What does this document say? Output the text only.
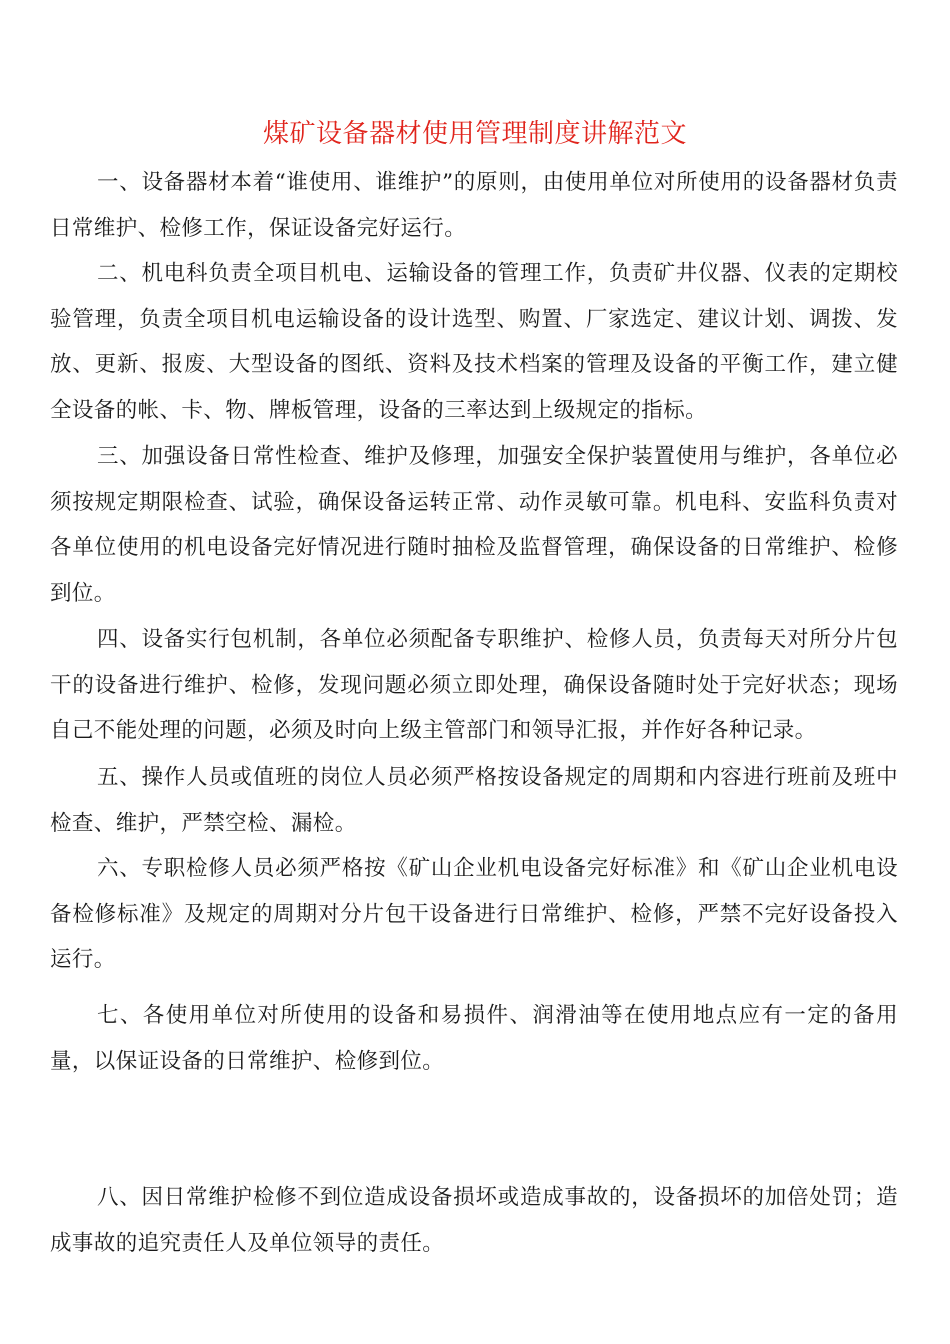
煤矿设备器材使用管理制度讲解范文

一、设备器材本着“谁使用、谁维护”的原则，由使用单位对所使用的设备器材负责日常维护、检修工作，保证设备完好运行。

二、机电科负责全项目机电、运输设备的管理工作，负责矿井仪器、仪表的定期校验管理，负责全项目机电运输设备的设计选型、购置、厂家选定、建议计划、调拨、发放、更新、报废、大型设备的图纸、资料及技术档案的管理及设备的平衡工作，建立健全设备的帐、卡、物、牌板管理，设备的三率达到上级规定的指标。

三、加强设备日常性检查、维护及修理，加强安全保护装置使用与维护，各单位必须按规定期限检查、试验，确保设备运转正常、动作灵敏可靠。机电科、安监科负责对各单位使用的机电设备完好情况进行随时抽检及监督管理，确保设备的日常维护、检修到位。

四、设备实行包机制，各单位必须配备专职维护、检修人员，负责每天对所分片包干的设备进行维护、检修，发现问题必须立即处理，确保设备随时处于完好状态；现场自己不能处理的问题，必须及时向上级主管部门和领导汇报，并作好各种记录。

五、操作人员或值班的岗位人员必须严格按设备规定的周期和内容进行班前及班中检查、维护，严禁空检、漏检。

六、专职检修人员必须严格按《矿山企业机电设备完好标准》和《矿山企业机电设备检修标准》及规定的周期对分片包干设备进行日常维护、检修，严禁不完好设备投入运行。

七、各使用单位对所使用的设备和易损件、润滑油等在使用地点应有一定的备用量，以保证设备的日常维护、检修到位。

八、因日常维护检修不到位造成设备损坏或造成事故的，设备损坏的加倍处罚；造成事故的追究责任人及单位领导的责任。
